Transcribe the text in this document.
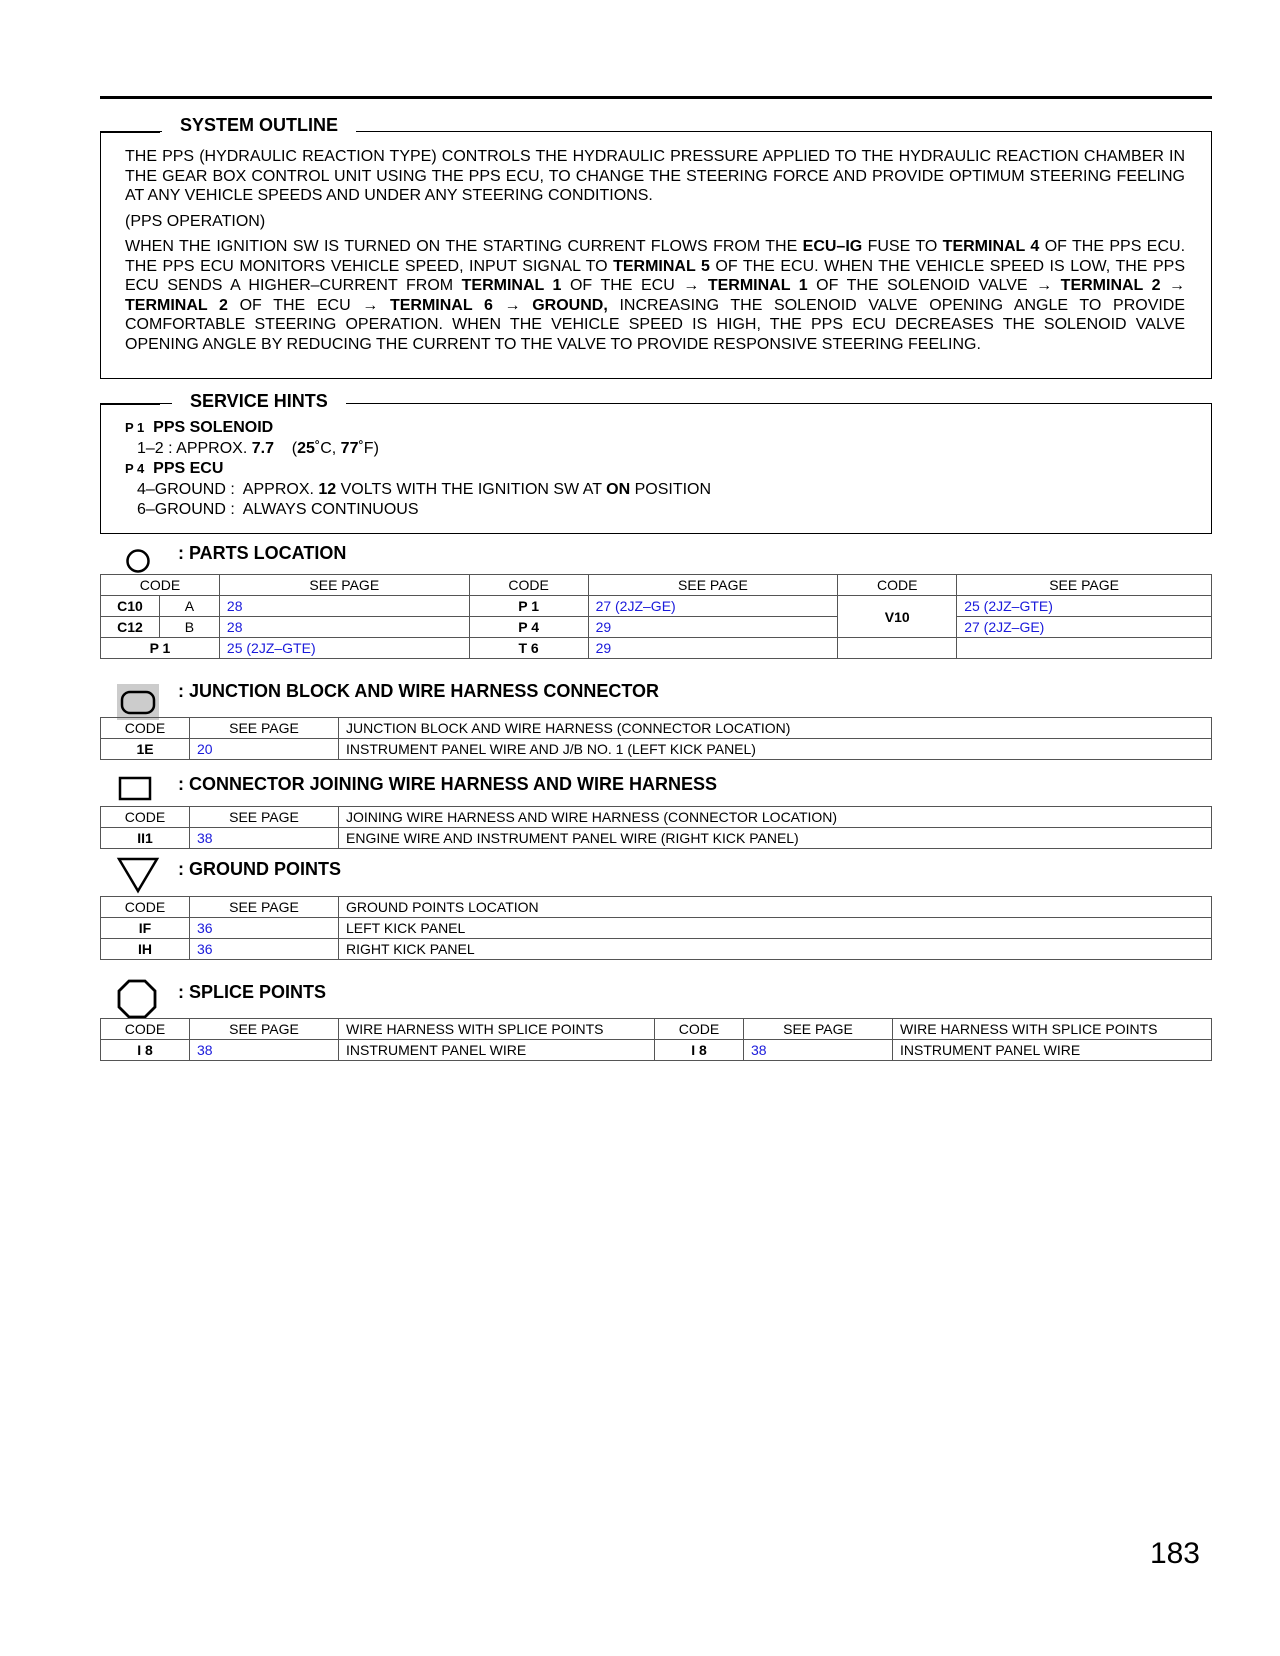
SYSTEM OUTLINE

THE PPS (HYDRAULIC REACTION TYPE) CONTROLS THE HYDRAULIC PRESSURE APPLIED TO THE HYDRAULIC REACTION CHAMBER IN THE GEAR BOX CONTROL UNIT USING THE PPS ECU, TO CHANGE THE STEERING FORCE AND PROVIDE OPTIMUM STEERING FEELING AT ANY VEHICLE SPEEDS AND UNDER ANY STEERING CONDITIONS.

(PPS OPERATION)

WHEN THE IGNITION SW IS TURNED ON THE STARTING CURRENT FLOWS FROM THE ECU–IG FUSE TO TERMINAL 4 OF THE PPS ECU. THE PPS ECU MONITORS VEHICLE SPEED, INPUT SIGNAL TO TERMINAL 5 OF THE ECU. WHEN THE VEHICLE SPEED IS LOW, THE PPS ECU SENDS A HIGHER–CURRENT FROM TERMINAL 1 OF THE ECU → TERMINAL 1 OF THE SOLENOID VALVE → TERMINAL 2 → TERMINAL 2 OF THE ECU → TERMINAL 6 → GROUND, INCREASING THE SOLENOID VALVE OPENING ANGLE TO PROVIDE COMFORTABLE STEERING OPERATION. WHEN THE VEHICLE SPEED IS HIGH, THE PPS ECU DECREASES THE SOLENOID VALVE OPENING ANGLE BY REDUCING THE CURRENT TO THE VALVE TO PROVIDE RESPONSIVE STEERING FEELING.

SERVICE HINTS
P 1 PPS SOLENOID
1–2 : APPROX. 7.7    (25˚C, 77˚F)
P 4 PPS ECU
4–GROUND :  APPROX. 12 VOLTS WITH THE IGNITION SW AT ON POSITION
6–GROUND :  ALWAYS CONTINUOUS
: PARTS LOCATION
CODE		SEE PAGE	CODE	SEE PAGE	CODE	SEE PAGE
C10	A	28	P 1	27 (2JZ–GE)	V10	25 (2JZ–GTE)
C12	B	28	P 4	29		27 (2JZ–GE)
P 1		25 (2JZ–GTE)	T 6	29		
: JUNCTION BLOCK AND WIRE HARNESS CONNECTOR
CODE	SEE PAGE	JUNCTION BLOCK AND WIRE HARNESS (CONNECTOR LOCATION)
1E	20	INSTRUMENT PANEL WIRE AND J/B NO. 1 (LEFT KICK PANEL)
: CONNECTOR JOINING WIRE HARNESS AND WIRE HARNESS
CODE	SEE PAGE	JOINING WIRE HARNESS AND WIRE HARNESS (CONNECTOR LOCATION)
II1	38	ENGINE WIRE AND INSTRUMENT PANEL WIRE (RIGHT KICK PANEL)
: GROUND POINTS
CODE	SEE PAGE	GROUND POINTS LOCATION
IF	36	LEFT KICK PANEL
IH	36	RIGHT KICK PANEL
: SPLICE POINTS
CODE	SEE PAGE	WIRE HARNESS WITH SPLICE POINTS	CODE	SEE PAGE	WIRE HARNESS WITH SPLICE POINTS
I 8	38	INSTRUMENT PANEL WIRE	I 8	38	INSTRUMENT PANEL WIRE
183
